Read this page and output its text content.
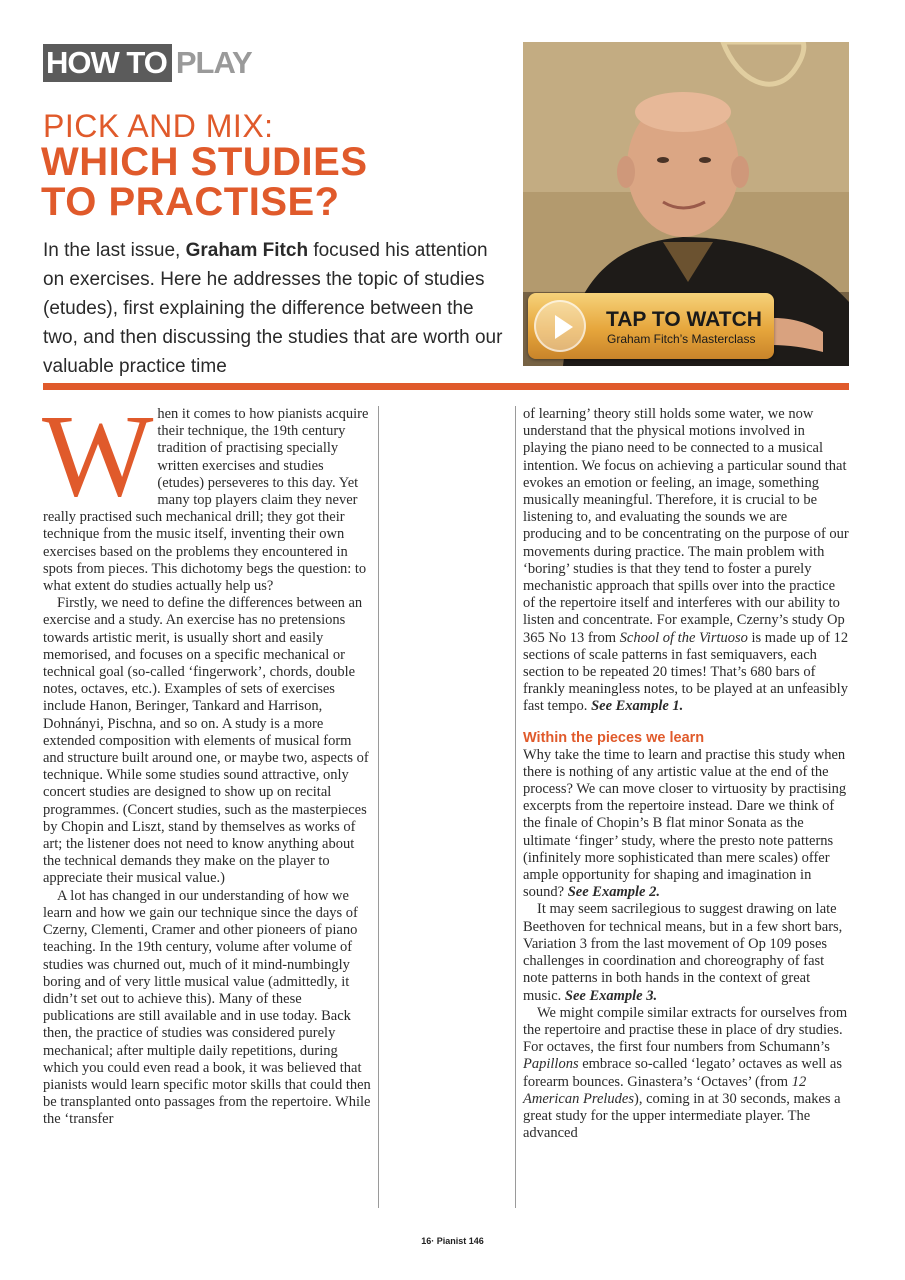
HOW TO PLAY
PICK AND MIX:
WHICH STUDIES
TO PRACTISE?
In the last issue, Graham Fitch focused his attention on exercises. Here he addresses the topic of studies (etudes), first explaining the difference between the two, and then discussing the studies that are worth our valuable practice time
TAP TO WATCH
Graham Fitch’s Masterclass

When it comes to how pianists acquire their technique, the 19th century tradition of practising specially written exercises and studies (etudes) perseveres to this day. Yet many top players claim they never really practised such mechanical drill; they got their technique from the music itself, inventing their own exercises based on the problems they encountered in spots from pieces. This dichotomy begs the question: to what extent do studies actually help us?

Firstly, we need to define the differences between an exercise and a study. An exercise has no pretensions towards artistic merit, is usually short and easily memorised, and focuses on a specific mechanical or technical goal (so-called ‘fingerwork’, chords, double notes, octaves, etc.). Examples of sets of exercises include Hanon, Beringer, Tankard and Harrison, Dohnányi, Pischna, and so on. A study is a more extended composition with elements of musical form and structure built around one, or maybe two, aspects of technique. While some studies sound attractive, only concert studies are designed to show up on recital programmes. (Concert studies, such as the masterpieces by Chopin and Liszt, stand by themselves as works of art; the listener does not need to know anything about the technical demands they make on the player to appreciate their musical value.)

A lot has changed in our understanding of how we learn and how we gain our technique since the days of Czerny, Clementi, Cramer and other pioneers of piano teaching. In the 19th century, volume after volume of studies was churned out, much of it mind-numbingly boring and of very little musical value (admittedly, it didn’t set out to achieve this). Many of these publications are still available and in use today. Back then, the practice of studies was considered purely mechanical; after multiple daily repetitions, during which you could even read a book, it was believed that pianists would learn specific motor skills that could then be transplanted onto passages from the repertoire. While the ‘transfer

of learning’ theory still holds some water, we now understand that the physical motions involved in playing the piano need to be connected to a musical intention. We focus on achieving a particular sound that evokes an emotion or feeling, an image, something musically meaningful. Therefore, it is crucial to be listening to, and evaluating the sounds we are producing and to be concentrating on the purpose of our movements during practice. The main problem with ‘boring’ studies is that they tend to foster a purely mechanistic approach that spills over into the practice of the repertoire itself and interferes with our ability to listen and concentrate. For example, Czerny’s study Op 365 No 13 from School of the Virtuoso is made up of 12 sections of scale patterns in fast semiquavers, each section to be repeated 20 times! That’s 680 bars of frankly meaningless notes, to be played at an unfeasibly fast tempo. See Example 1.

Within the pieces we learn

Why take the time to learn and practise this study when there is nothing of any artistic value at the end of the process? We can move closer to virtuosity by practising excerpts from the repertoire instead. Dare we think of the finale of Chopin’s B flat minor Sonata as the ultimate ‘finger’ study, where the presto note patterns (infinitely more sophisticated than mere scales) offer ample opportunity for shaping and imagination in sound? See Example 2.

It may seem sacrilegious to suggest drawing on late Beethoven for technical means, but in a few short bars, Variation 3 from the last movement of Op 109 poses challenges in coordination and choreography of fast note patterns in both hands in the context of great music. See Example 3.

We might compile similar extracts for ourselves from the repertoire and practise these in place of dry studies. For octaves, the first four numbers from Schumann’s Papillons embrace so-called ‘legato’ octaves as well as forearm bounces. Ginastera’s ‘Octaves’ (from 12 American Preludes), coming in at 30 seconds, makes a great study for the upper intermediate player. The advanced

16· Pianist 146
